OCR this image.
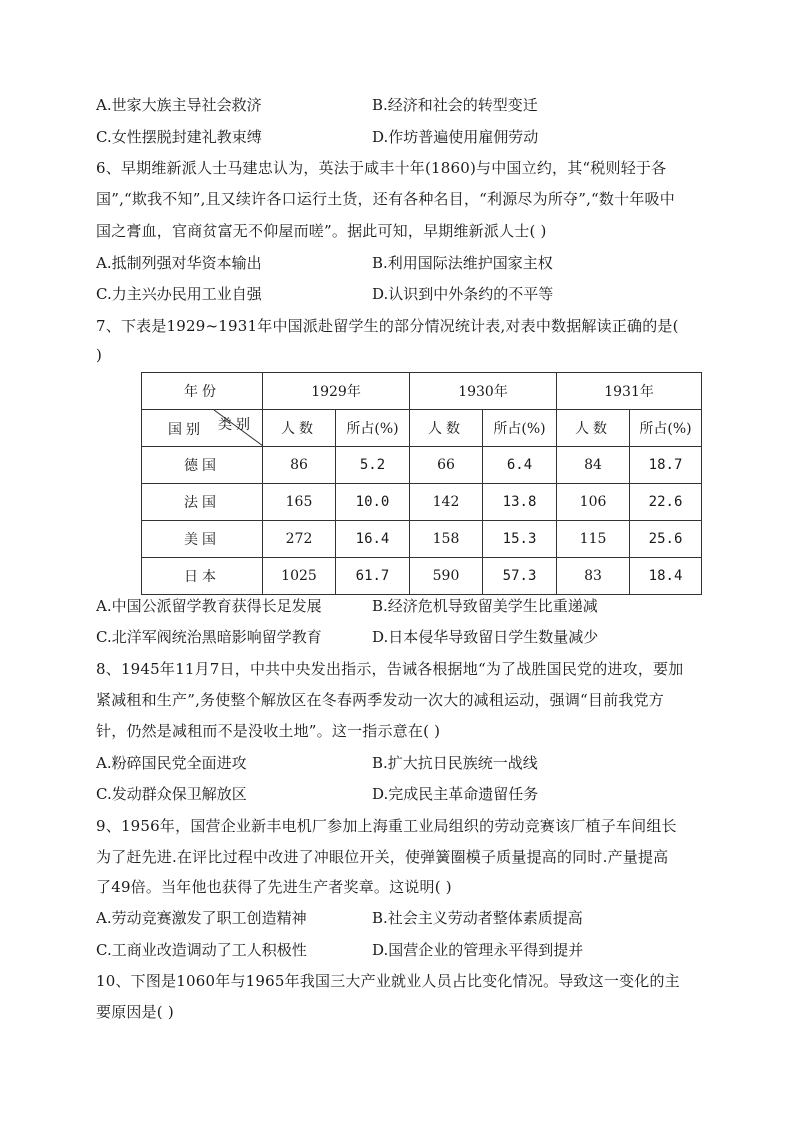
A.世家大族主导社会救济	B.经济和社会的转型变迁
C.女性摆脱封建礼教束缚	D.作坊普遍使用雇佣劳动
6、早期维新派人士马建忠认为，英法于咸丰十年(1860)与中国立约，其“税则轻于各
国”,“欺我不知”,且又续许各口运行土货，还有各种名目，“利源尽为所夺”,“数十年吸中
国之膏血，官商贫富无不仰屋而嗟”。据此可知，早期维新派人士( )
A.抵制列强对华资本输出	B.利用国际法维护国家主权
C.力主兴办民用工业自强	D.认识到中外条约的不平等
7、下表是1929~1931年中国派赴留学生的部分情况统计表,对表中数据解读正确的是(
)
年份	1929年		1930年		1931年	

国别 类别	人数	所占(%)	人数	所占(%)	人数	所占(%)
德国	86	5.2	66	6.4	84	18.7
法国	165	10.0	142	13.8	106	22.6
美国	272	16.4	158	15.3	115	25.6
日本	1025	61.7	590	57.3	83	18.4
A.中国公派留学教育获得长足发展	B.经济危机导致留美学生比重递减
C.北洋军阀统治黑暗影响留学教育	D.日本侵华导致留日学生数量减少
8、1945年11月7日，中共中央发出指示，告诫各根据地“为了战胜国民党的进攻，要加
紧减租和生产”,务使整个解放区在冬春两季发动一次大的减租运动，强调“目前我党方
针，仍然是减租而不是没收土地”。这一指示意在( )
A.粉碎国民党全面进攻	B.扩大抗日民族统一战线
C.发动群众保卫解放区	D.完成民主革命遗留任务
9、1956年，国营企业新丰电机厂参加上海重工业局组织的劳动竞赛该厂植子车间组长
为了赶先进.在评比过程中改进了冲眼位开关，使弹簧圈模子质量提高的同时.产量提高
了49倍。当年他也获得了先进生产者奖章。这说明( )
A.劳动竞赛激发了职工创造精神	B.社会主义劳动者整体素质提高
C.工商业改造调动了工人积极性	D.国营企业的管理永平得到提并
10、下图是1060年与1965年我国三大产业就业人员占比变化情况。导致这一变化的主
要原因是( )
